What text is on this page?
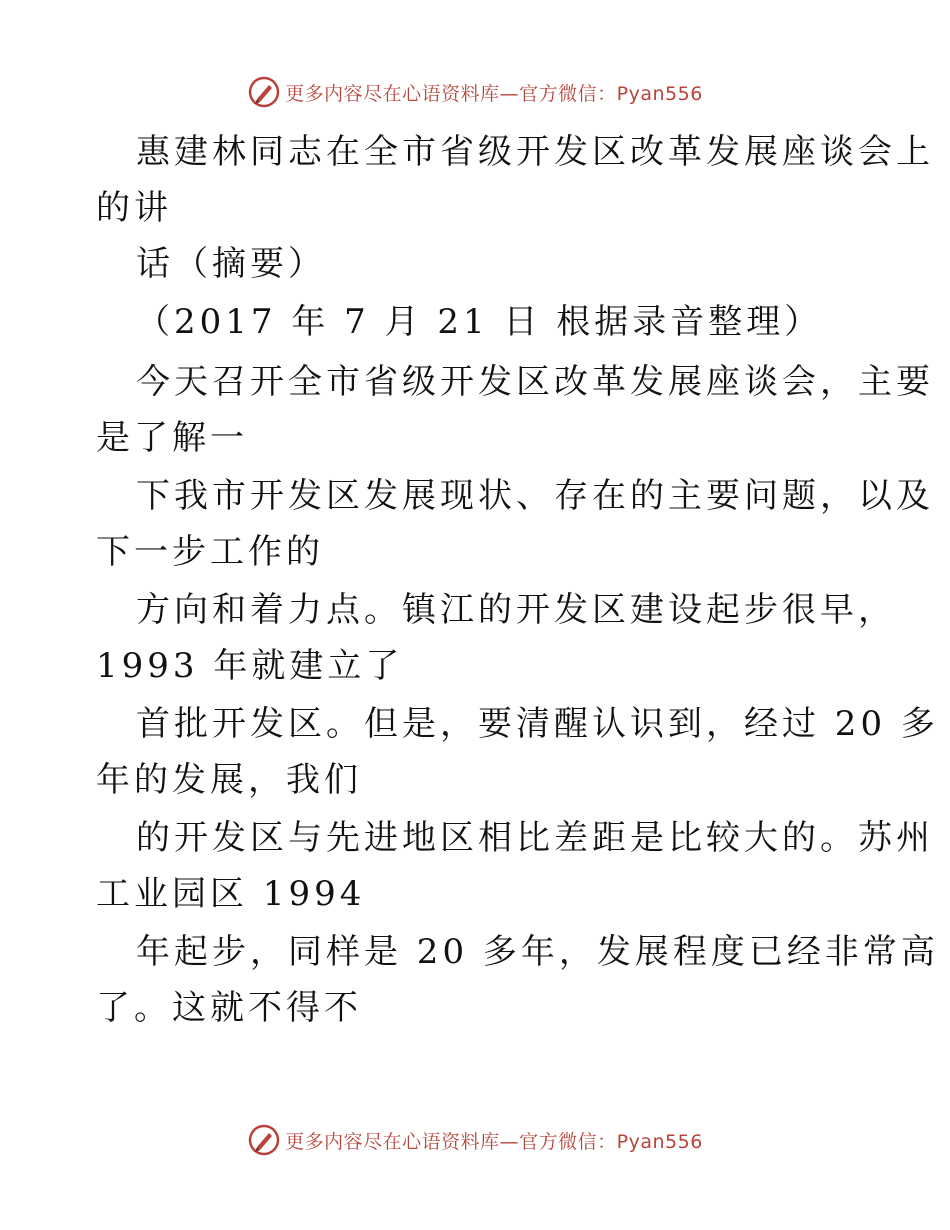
更多内容尽在心语资料库—官方微信：Pyan556

惠建林同志在全市省级开发区改革发展座谈会上

的讲

话（摘要）

（2017 年 7 月 21 日 根据录音整理）

今天召开全市省级开发区改革发展座谈会，主要

是了解一

下我市开发区发展现状、存在的主要问题，以及

下一步工作的

方向和着力点。镇江的开发区建设起步很早，

1993 年就建立了

首批开发区。但是，要清醒认识到，经过 20 多

年的发展，我们

的开发区与先进地区相比差距是比较大的。苏州

工业园区 1994

年起步，同样是 20 多年，发展程度已经非常高

了。这就不得不

更多内容尽在心语资料库—官方微信：Pyan556
